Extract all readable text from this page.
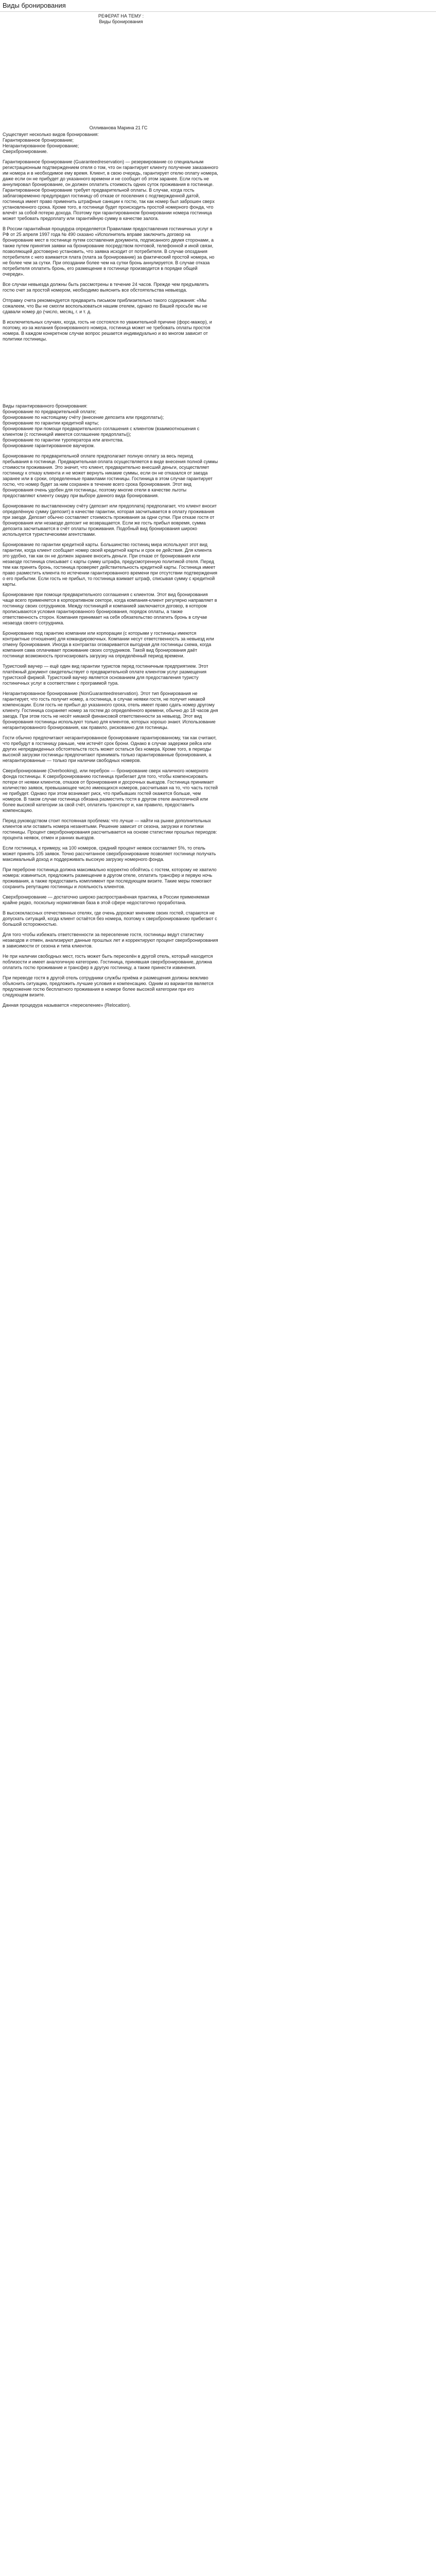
Виды бронирования
РЕФЕРАТ НА ТЕМУ :
Виды бронирования

Олливанова Марина 21 ГС

Существует несколько видов бронирования:

Гарантированное бронирование;
Негарантированное бронирование;
Сверхбронирование.

Гарантированное бронирование (Guaranteedreservation) — резервирование со специальным регистрационным подтверждением отеля о том, что он гарантирует клиенту получение заказанного им номера и в необходимое ему время. Клиент, в свою очередь, гарантирует отелю оплату номера, даже если он не прибудет до указанного времени и не сообщит об этом заранее. Если гость не аннулировал бронирование, он должен оплатить стоимость одних суток проживания в гостинице. Гарантированное бронирование требует предварительной оплаты. В случае, когда гость заблаговременно предупредил гостиницу об отказе от поселения с подтвержденной датой, гостиница имеет право применить штрафные санкции к гостю, так как номер был заброшен сверх установленного срока. Кроме того, в гостинице будет происходить простой номерного фонда, что влечёт за собой потерю дохода. Поэтому при гарантированном бронировании номера гостиница может требовать предоплату или гарантийную сумму в качестве залога.

В России гарантийная процедура определяется Правилами предоставления гостиничных услуг в РФ от 25 апреля 1997 года № 490 сказано «Исполнитель вправе заключить договор на бронирование мест в гостинице путем составления документа, подписанного двумя сторонами, а также путем принятия заявки на бронирование посредством почтовой, телефонной и иной связи, позволяющей достоверно установить, что заявка исходит от потребителя. В случае опоздания потребителя с него взимается плата (плата за бронирование) за фактический простой номера, но не более чем за сутки. При опоздании более чем на сутки бронь аннулируется. В случае отказа потребителя оплатить бронь, его размещение в гостинице производится в порядке общей очереди».

Все случаи невыезда должны быть рассмотрены в течение 24 часов. Прежде чем предъявлять гостю счет за простой номером, необходимо выяснить все обстоятельства невыезда.

Отправку счета рекомендуется предварить письмом приблизительно такого содержания: «Мы сожалеем, что Вы не смогли воспользоваться нашим отелем, однако по Вашей просьбе мы не сдавали номер до (число, месяц, г. и т. д.

В исключительных случаях, когда, гость не состоялся по уважительной причине (форс-мажор), и поэтому, из-за желания бронированного номера, гостиница может не требовать оплаты простоя номера. В каждом конкретном случае вопрос решается индивидуально и во многом зависит от политики гостиницы.

Виды гарантированного бронирования:

бронирование по предварительной оплате;
бронирование по настоящему счёту (внесение депозита или предоплаты);
бронирование по гарантии кредитной карты;
бронирование при помощи предварительного соглашения с клиентом (взаимоотношения с клиентом (с гостиницей имеется соглашение предоплаты));
бронирование по гарантии туроператора или агентства.
бронирование гарантированное ваучером.

Бронирование по предварительной оплате предполагает полную оплату за весь период пребывания в гостинице. Предварительная оплата осуществляется в виде внесения полной суммы стоимости проживания. Это значит, что клиент, предварительно внесший деньги, осуществляет гостиницу к отказу клиента и не может вернуть никакие суммы, если он не отказался от заезда заранее или в сроки, определенные правилами гостиницы. Гостиница в этом случае гарантирует гостю, что номер будет за ним сохранен в течение всего срока бронирования. Этот вид бронирования очень удобен для гостиницы, поэтому многие отели в качестве льготы предоставляют клиенту скидку при выборе данного вида бронирования.

Бронирование по выставленному счёту (депозит или предоплата) предполагает, что клиент вносит определённую сумму (депозит) в качестве гарантии, которая засчитывается в оплату проживания при заезде. Депозит обычно составляет стоимость проживания за одни сутки. При отказе гостя от бронирования или незаезде депозит не возвращается. Если же гость прибыл вовремя, сумма депозита засчитывается в счёт оплаты проживания. Подобный вид бронирования широко используется туристическими агентствами.

Бронирование по гарантии кредитной карты. Большинство гостиниц мира используют этот вид гарантии, когда клиент сообщает номер своей кредитной карты и срок ее действия. Для клиента это удобно, так как он не должен заранее вносить деньги. При отказе от бронирования или незаезде гостиница списывает с карты сумму штрафа, предусмотренную политикой отеля. Перед тем как принять бронь, гостиница проверяет действительность кредитной карты. Гостиница имеет право разместить клиента по истечении гарантированного времени при отсутствии подтверждения о его прибытии. Если гость не прибыл, то гостиница взимает штраф, списывая сумму с кредитной карты.

Бронирование при помощи предварительного соглашения с клиентом. Этот вид бронирования чаще всего применяется в корпоративном секторе, когда компания-клиент регулярно направляет в гостиницу своих сотрудников. Между гостиницей и компанией заключается договор, в котором прописываются условия гарантированного бронирования, порядок оплаты, а также ответственность сторон. Компания принимает на себя обязательство оплатить бронь в случае незаезда своего сотрудника.

Бронирование под гарантию компании или корпорации (с которыми у гостиницы имеются контрактные отношения) для командировочных. Компании несут ответственность за невыезд или отмену бронирования. Иногда в контрактах оговаривается выгодная для гостиницы схема, когда компания сама оплачивает проживание своих сотрудников. Такой вид бронирования даёт гостинице возможность прогнозировать загрузку на определённый период времени.

Туристский ваучер — ещё один вид гарантии туристов перед гостиничным предприятием. Этот платёжный документ свидетельствует о предварительной оплате клиентом услуг размещения туристской фирмой. Туристский ваучер является основанием для предоставления туристу гостиничных услуг в соответствии с программой тура.

Негарантированное бронирование (NonGuaranteedreservation). Этот тип бронирования не гарантирует, что гость получит номер, а гостиница, в случае неявки гостя, не получит никакой компенсации. Если гость не прибыл до указанного срока, отель имеет право сдать номер другому клиенту. Гостиница сохраняет номер за гостем до определённого времени, обычно до 18 часов дня заезда. При этом гость не несёт никакой финансовой ответственности за невыезд. Этот вид бронирования гостиницы используют только для клиентов, которых хорошо знают. Использование негарантированного бронирования, как правило, рискованно для гостиницы.

Гости обычно предпочитают негарантированное бронирование гарантированному, так как считают, что пребудут в гостиницу раньше, чем истечёт срок брони. Однако в случае задержки рейса или других непредвиденных обстоятельств гость может остаться без номера. Кроме того, в периоды высокой загрузки гостиницы предпочитают принимать только гарантированные бронирования, а негарантированные — только при наличии свободных номеров.

Сверхбронирование (Overbooking), или переброн — бронирование сверх наличного номерного фонда гостиницы. К сверхбронированию гостиница прибегает для того, чтобы компенсировать потери от неявки клиентов, отказов от бронирования и досрочных выездов. Гостиница принимает количество заявок, превышающее число имеющихся номеров, рассчитывая на то, что часть гостей не прибудет. Однако при этом возникает риск, что прибывших гостей окажется больше, чем номеров. В таком случае гостиница обязана разместить гостя в другом отеле аналогичной или более высокой категории за свой счёт, оплатить транспорт и, как правило, предоставить компенсацию.

Перед руководством стоит постоянная проблема: что лучше — найти на рынке дополнительных клиентов или оставить номера незанятыми. Решение зависит от сезона, загрузки и политики гостиницы. Процент сверхбронирования рассчитывается на основе статистики прошлых периодов: процента неявок, отмен и ранних выездов.

Если гостиница, к примеру, на 100 номеров, средний процент неявок составляет 5%, то отель может принять 105 заявок. Точно рассчитанное сверхбронирование позволяет гостинице получать максимальный доход и поддерживать высокую загрузку номерного фонда.

При переброне гостиница должна максимально корректно обойтись с гостем, которому не хватило номера: извиниться, предложить размещение в другом отеле, оплатить трансфер и первую ночь проживания, а также предоставить комплимент при последующем визите. Такие меры помогают сохранить репутацию гостиницы и лояльность клиентов.

Сверхбронирование — достаточно широко распространённая практика, в России применяемая крайне редко, поскольку нормативная база в этой сфере недостаточно проработана.

В высококлассных отечественных отелях, где очень дорожат мнением своих гостей, стараются не допускать ситуаций, когда клиент остаётся без номера, поэтому к сверхбронированию прибегают с большой осторожностью.

Для того чтобы избежать ответственности за переселение гостя, гостиницы ведут статистику незаездов и отмен, анализируют данные прошлых лет и корректируют процент сверхбронирования в зависимости от сезона и типа клиентов.

Не при наличии свободных мест, гость может быть переселён в другой отель, который находится поблизости и имеет аналогичную категорию. Гостиница, принявшая сверхбронирование, должна оплатить гостю проживание и трансфер в другую гостиницу, а также принести извинения.

При переводе гостя в другой отель сотрудники службы приёма и размещения должны вежливо объяснить ситуацию, предложить лучшие условия и компенсацию. Одним из вариантов является предложение гостю бесплатного проживания в номере более высокой категории при его следующем визите.

Данная процедура называется «переселение» (Relocation).
